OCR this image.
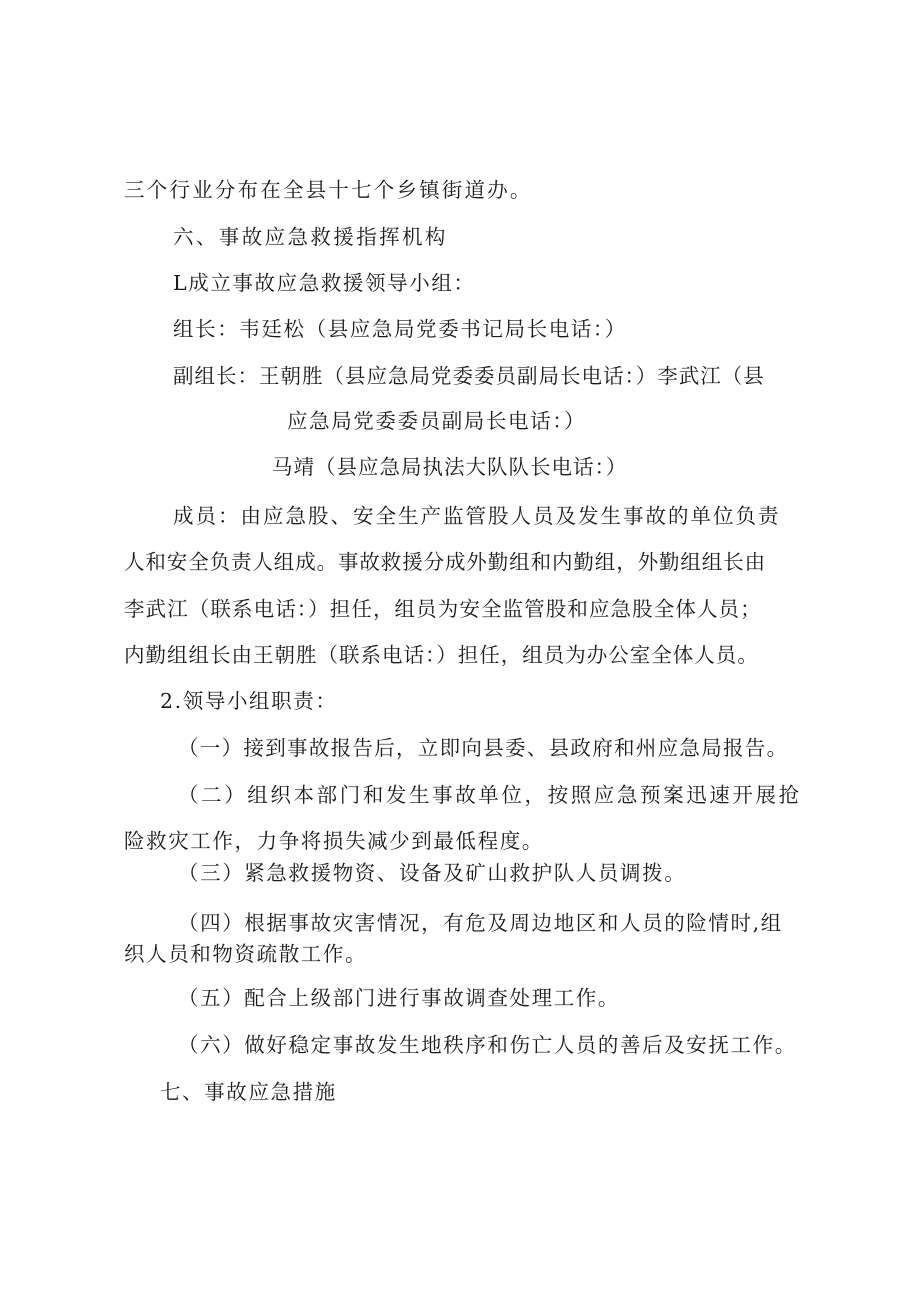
三个行业分布在全县十七个乡镇街道办。
六、事故应急救援指挥机构
L成立事故应急救援领导小组：
组长：韦廷松（县应急局党委书记局长电话：）
副组长：王朝胜（县应急局党委委员副局长电话：）李武江（县
应急局党委委员副局长电话：）
马靖（县应急局执法大队队长电话：）
成员：由应急股、安全生产监管股人员及发生事故的单位负责
人和安全负责人组成。事故救援分成外勤组和内勤组，外勤组组长由
李武江（联系电话：）担任，组员为安全监管股和应急股全体人员；
内勤组组长由王朝胜（联系电话：）担任，组员为办公室全体人员。
2.领导小组职责：
（一）接到事故报告后，立即向县委、县政府和州应急局报告。
（二）组织本部门和发生事故单位，按照应急预案迅速开展抢
险救灾工作，力争将损失减少到最低程度。
（三）紧急救援物资、设备及矿山救护队人员调拨。
（四）根据事故灾害情况，有危及周边地区和人员的险情时,组
织人员和物资疏散工作。
（五）配合上级部门进行事故调查处理工作。
（六）做好稳定事故发生地秩序和伤亡人员的善后及安抚工作。
七、事故应急措施
